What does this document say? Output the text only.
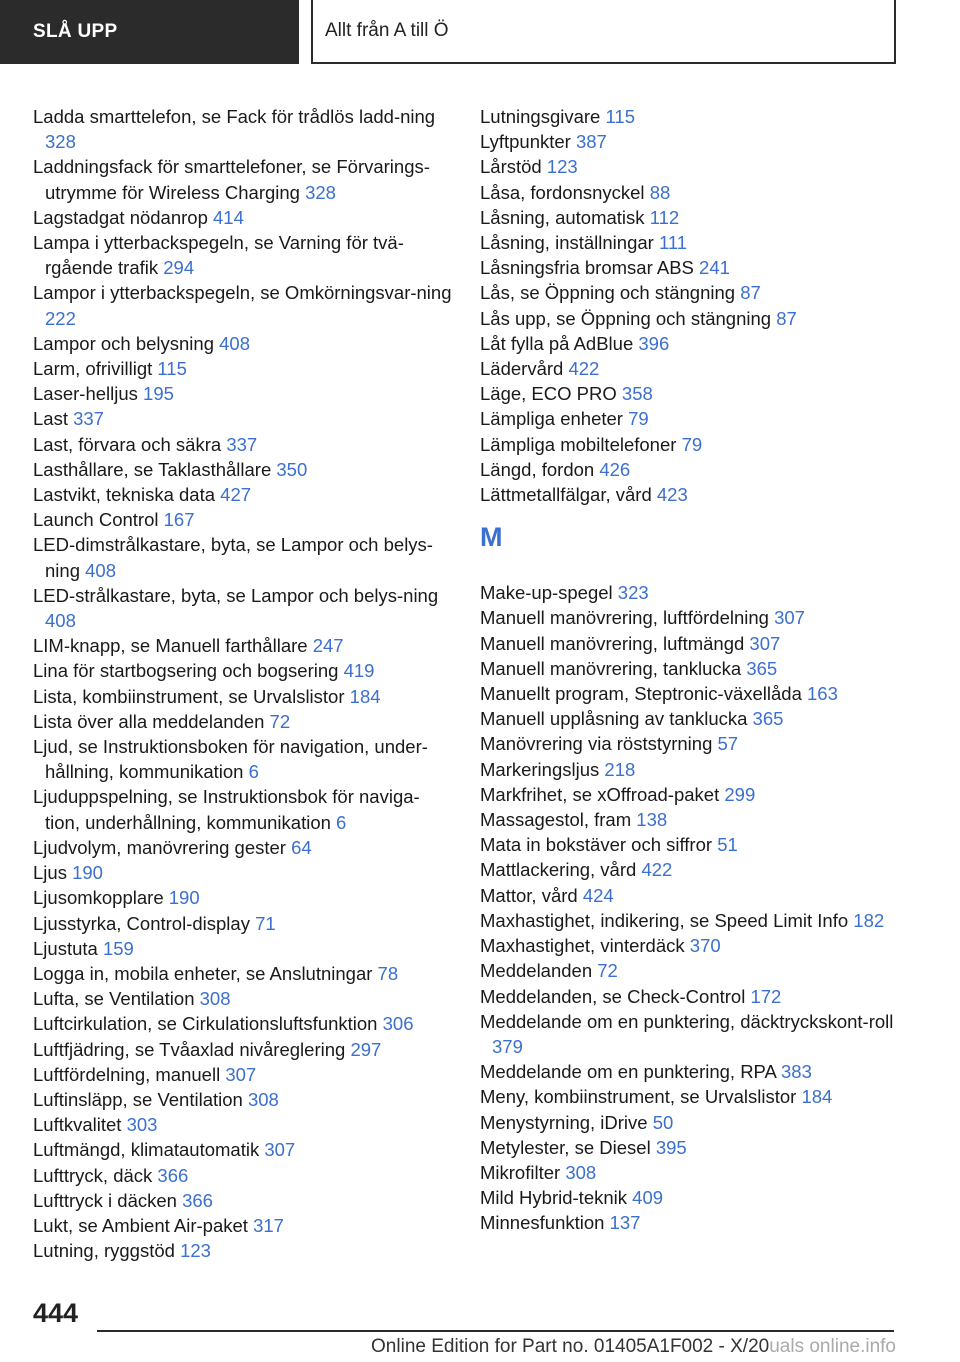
SLÅ UPP	Allt från A till Ö
Ladda smarttelefon, se Fack för trådlös ladd-ning 328
Laddningsfack för smarttelefoner, se Förvarings-utrymme för Wireless Charging 328
Lagstadgat nödanrop 414
Lampa i ytterbackspegeln, se Varning för tvä-rgående trafik 294
Lampor i ytterbackspegeln, se Omkörningsvar-ning 222
Lampor och belysning 408
Larm, ofrivilligt 115
Laser-helljus 195
Last 337
Last, förvara och säkra 337
Lasthållare, se Taklasthållare 350
Lastvikt, tekniska data 427
Launch Control 167
LED-dimstrålkastare, byta, se Lampor och belys-ning 408
LED-strålkastare, byta, se Lampor och belys-ning 408
LIM-knapp, se Manuell farthållare 247
Lina för startbogsering och bogsering 419
Lista, kombiinstrument, se Urvalslistor 184
Lista över alla meddelanden 72
Ljud, se Instruktionsboken för navigation, under-hållning, kommunikation 6
Ljuduppspelning, se Instruktionsbok för naviga-tion, underhållning, kommunikation 6
Ljudvolym, manövrering gester 64
Ljus 190
Ljusomkopplare 190
Ljusstyrka, Control-display 71
Ljustuta 159
Logga in, mobila enheter, se Anslutningar 78
Lufta, se Ventilation 308
Luftcirkulation, se Cirkulationsluftsfunktion 306
Luftfjädring, se Tvåaxlad nivåreglering 297
Luftfördelning, manuell 307
Luftinsläpp, se Ventilation 308
Luftkvalitet 303
Luftmängd, klimatautomatik 307
Lufttryck, däck 366
Lufttryck i däcken 366
Lukt, se Ambient Air-paket 317
Lutning, ryggstöd 123
Lutningsgivare 115
Lyftpunkter 387
Lårstöd 123
Låsa, fordonsnyckel 88
Låsning, automatisk 112
Låsning, inställningar 111
Låsningsfria bromsar ABS 241
Lås, se Öppning och stängning 87
Lås upp, se Öppning och stängning 87
Låt fylla på AdBlue 396
Lädervård 422
Läge, ECO PRO 358
Lämpliga enheter 79
Lämpliga mobiltelefoner 79
Längd, fordon 426
Lättmetallfälgar, vård 423
M
Make-up-spegel 323
Manuell manövrering, luftfördelning 307
Manuell manövrering, luftmängd 307
Manuell manövrering, tanklucka 365
Manuellt program, Steptronic-växellåda 163
Manuell upplåsning av tanklucka 365
Manövrering via röststyrning 57
Markeringsljus 218
Markfrihet, se xOffroad-paket 299
Massagestol, fram 138
Mata in bokstäver och siffror 51
Mattlackering, vård 422
Mattor, vård 424
Maxhastighet, indikering, se Speed Limit Info 182
Maxhastighet, vinterdäck 370
Meddelanden 72
Meddelanden, se Check-Control 172
Meddelande om en punktering, däcktryckskont-roll 379
Meddelande om en punktering, RPA 383
Meny, kombiinstrument, se Urvalslistor 184
Menystyrning, iDrive 50
Metylester, se Diesel 395
Mikrofilter 308
Mild Hybrid-teknik 409
Minnesfunktion 137
444
Online Edition for Part no. 01405A1F002 - X/20uals online.info
